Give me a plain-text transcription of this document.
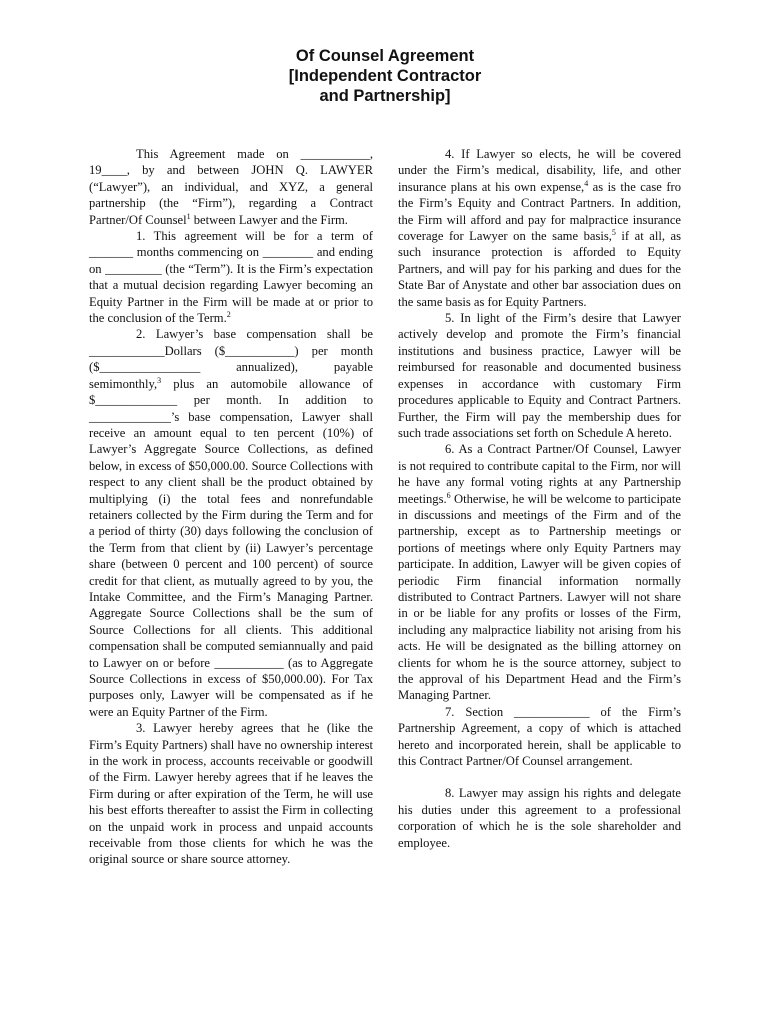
Of Counsel Agreement
[Independent Contractor
and Partnership]

This Agreement made on ___________, 19____, by and between JOHN Q. LAWYER (“Lawyer”), an individual, and XYZ, a general partnership (the “Firm”), regarding a Contract Partner/Of Counsel$^1$ between Lawyer and the Firm.

1. This agreement will be for a term of _______ months commencing on ________ and ending on _________ (the “Term”). It is the Firm’s expectation that a mutual decision regarding Lawyer becoming an Equity Partner in the Firm will be made at or prior to the conclusion of the Term.$^2$

2. Lawyer’s base compensation shall be ____________Dollars ($___________) per month ($________________ annualized), payable semimonthly,$^3$ plus an automobile allowance of $_____________ per month. In addition to _____________’s base compensation, Lawyer shall receive an amount equal to ten percent (10%) of Lawyer’s Aggregate Source Collections, as defined below, in excess of $50,000.00. Source Collections with respect to any client shall be the product obtained by multiplying (i) the total fees and nonrefundable retainers collected by the Firm during the Term and for a period of thirty (30) days following the conclusion of the Term from that client by (ii) Lawyer’s percentage share (between 0 percent and 100 percent) of source credit for that client, as mutually agreed to by you, the Intake Committee, and the Firm’s Managing Partner. Aggregate Source Collections shall be the sum of Source Collections for all clients. This additional compensation shall be computed semiannually and paid to Lawyer on or before ___________ (as to Aggregate Source Collections in excess of $50,000.00). For Tax purposes only, Lawyer will be compensated as if he were an Equity Partner of the Firm.

3. Lawyer hereby agrees that he (like the Firm’s Equity Partners) shall have no ownership interest in the work in process, accounts receivable or goodwill of the Firm. Lawyer hereby agrees that if he leaves the Firm during or after expiration of the Term, he will use his best efforts thereafter to assist the Firm in collecting on the unpaid work in process and unpaid accounts receivable from those clients for which he was the original source or share source attorney.

4. If Lawyer so elects, he will be covered under the Firm’s medical, disability, life, and other insurance plans at his own expense,$^4$ as is the case fro the Firm’s Equity and Contract Partners. In addition, the Firm will afford and pay for malpractice insurance coverage for Lawyer on the same basis,$^5$ if at all, as such insurance protection is afforded to Equity Partners, and will pay for his parking and dues for the State Bar of Anystate and other bar association dues on the same basis as for Equity Partners.

5. In light of the Firm’s desire that Lawyer actively develop and promote the Firm’s financial institutions and business practice, Lawyer will be reimbursed for reasonable and documented business expenses in accordance with customary Firm procedures applicable to Equity and Contract Partners. Further, the Firm will pay the membership dues for such trade associations set forth on Schedule A hereto.

6. As a Contract Partner/Of Counsel, Lawyer is not required to contribute capital to the Firm, nor will he have any formal voting rights at any Partnership meetings.$^6$ Otherwise, he will be welcome to participate in discussions and meetings of the Firm and of the partnership, except as to Partnership meetings or portions of meetings where only Equity Partners may participate. In addition, Lawyer will be given copies of periodic Firm financial information normally distributed to Contract Partners. Lawyer will not share in or be liable for any profits or losses of the Firm, including any malpractice liability not arising from his acts. He will be designated as the billing attorney on clients for whom he is the source attorney, subject to the approval of his Department Head and the Firm’s Managing Partner.

7. Section ____________ of the Firm’s Partnership Agreement, a copy of which is attached hereto and incorporated herein, shall be applicable to this Contract Partner/Of Counsel arrangement.

8. Lawyer may assign his rights and delegate his duties under this agreement to a professional corporation of which he is the sole shareholder and employee.
